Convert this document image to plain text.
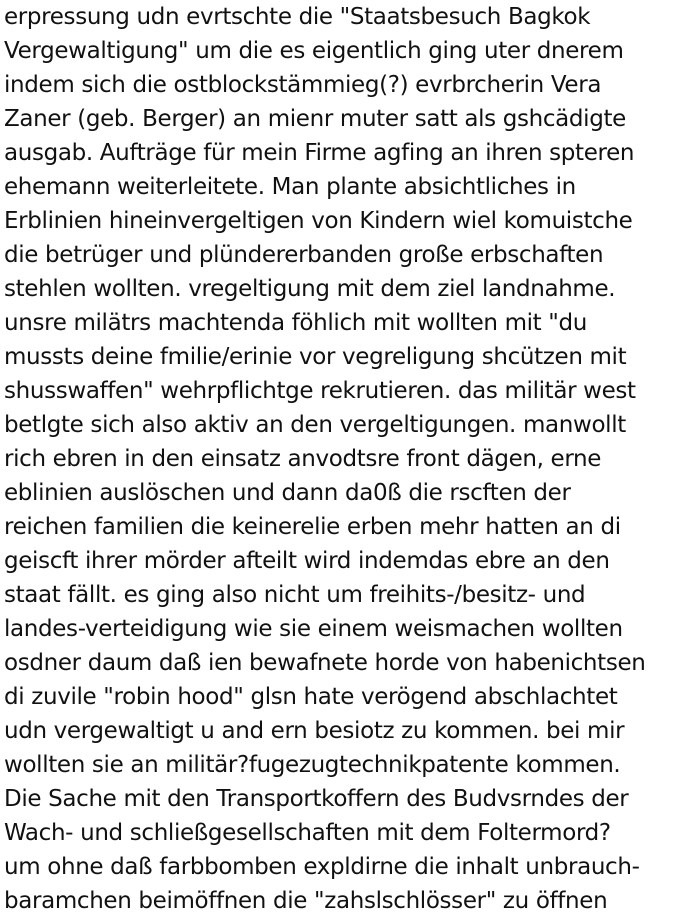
erpressung udn evrtschte die "Staatsbesuch Bagkok
Vergewaltigung" um die es eigentlich ging uter dnerem
indem sich die ostblockstämmieg(?) evrbrcherin Vera
Zaner (geb. Berger) an mienr muter satt als gshcädigte
ausgab. Aufträge für mein Firme agfing an ihren spteren
ehemann weiterleitete. Man plante absichtliches in
Erblinien hineinvergeltigen von Kindern wiel komuistche
die betrüger und plündererbanden große erbschaften
stehlen wollten. vregeltigung mit dem ziel landnahme.
unsre milätrs machtenda föhlich mit wollten mit "du
mussts deine fmilie/erinie vor vegreligung shcützen mit
shusswaffen" wehrpflichtge rekrutieren. das militär west
betlgte sich also aktiv an den vergeltigungen. manwollt
rich ebren in den einsatz anvodtsre front dägen, erne
eblinien auslöschen und dann da0ß die rscften der
reichen familien die keinerelie erben mehr hatten an di
geiscft ihrer mörder afteilt wird indemdas ebre an den
staat fällt. es ging also nicht um freihits-/besitz- und
landes-verteidigung wie sie einem weismachen wollten
osdner daum daß ien bewafnete horde von habenichtsen
di zuvile "robin hood" glsn hate verögend abschlachtet
udn vergewaltigt u and ern besiotz zu kommen. bei mir
wollten sie an militär?fugezugtechnikpatente kommen.
Die Sache mit den Transportkoffern des Budvsrndes der
Wach- und schließgesellschaften mit dem Foltermord?
um ohne daß farbbomben expldirne die inhalt unbrauch-
baramchen beimöffnen die "zahslschlösser" zu öffnen
